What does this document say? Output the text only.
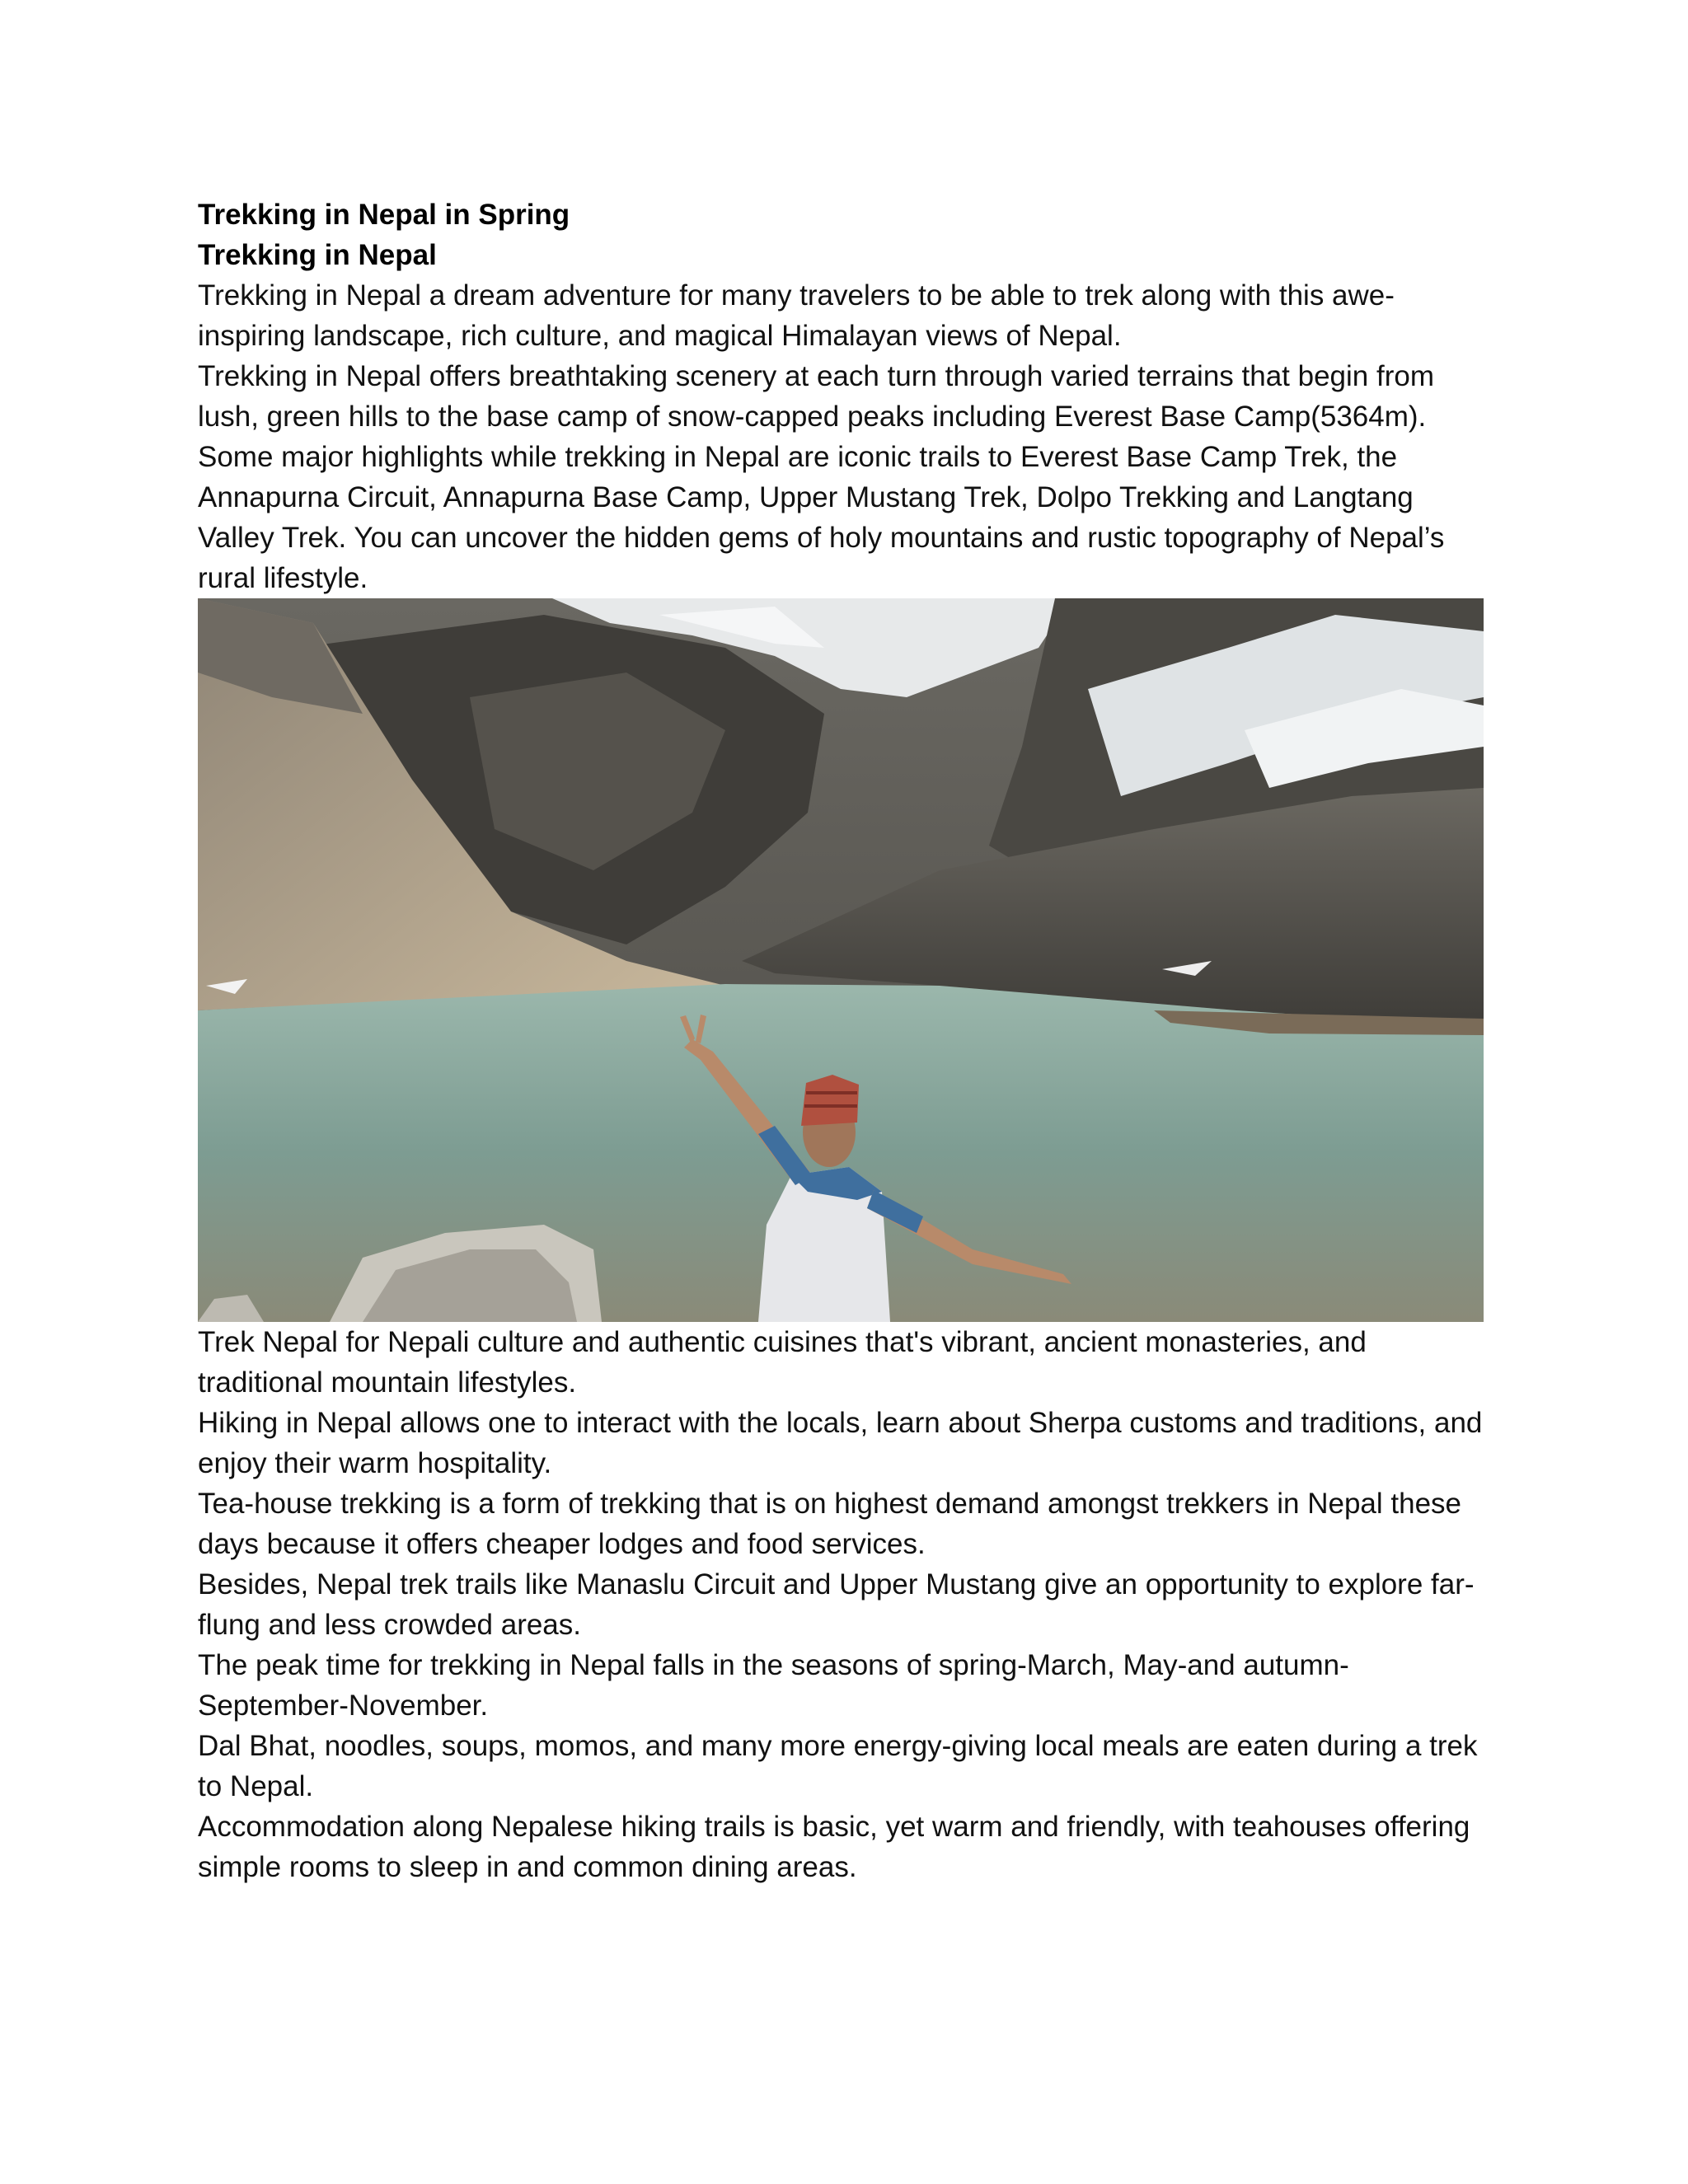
Trekking in Nepal in Spring
Trekking in Nepal

Trekking in Nepal a dream adventure for many travelers to be able to trek along with this awe-inspiring landscape, rich culture, and magical Himalayan views of Nepal.

Trekking in Nepal offers breathtaking scenery at each turn through varied terrains that begin from lush, green hills to the base camp of snow-capped peaks including Everest Base Camp(5364m).

Some major highlights while trekking in Nepal are iconic trails to Everest Base Camp Trek, the Annapurna Circuit, Annapurna Base Camp, Upper Mustang Trek, Dolpo Trekking and Langtang Valley Trek. You can uncover the hidden gems of holy mountains and rustic topography of Nepal’s rural lifestyle.

Trek Nepal for Nepali culture and authentic cuisines that's vibrant, ancient monasteries, and traditional mountain lifestyles.

Hiking in Nepal allows one to interact with the locals, learn about Sherpa customs and traditions, and enjoy their warm hospitality.

Tea-house trekking is a form of trekking that is on highest demand amongst trekkers in Nepal these days because it offers cheaper lodges and food services.

Besides, Nepal trek trails like Manaslu Circuit and Upper Mustang give an opportunity to explore far-flung and less crowded areas.

The peak time for trekking in Nepal falls in the seasons of spring-March, May-and autumn-September-November.

Dal Bhat, noodles, soups, momos, and many more energy-giving local meals are eaten during a trek to Nepal.

Accommodation along Nepalese hiking trails is basic, yet warm and friendly, with teahouses offering simple rooms to sleep in and common dining areas.
